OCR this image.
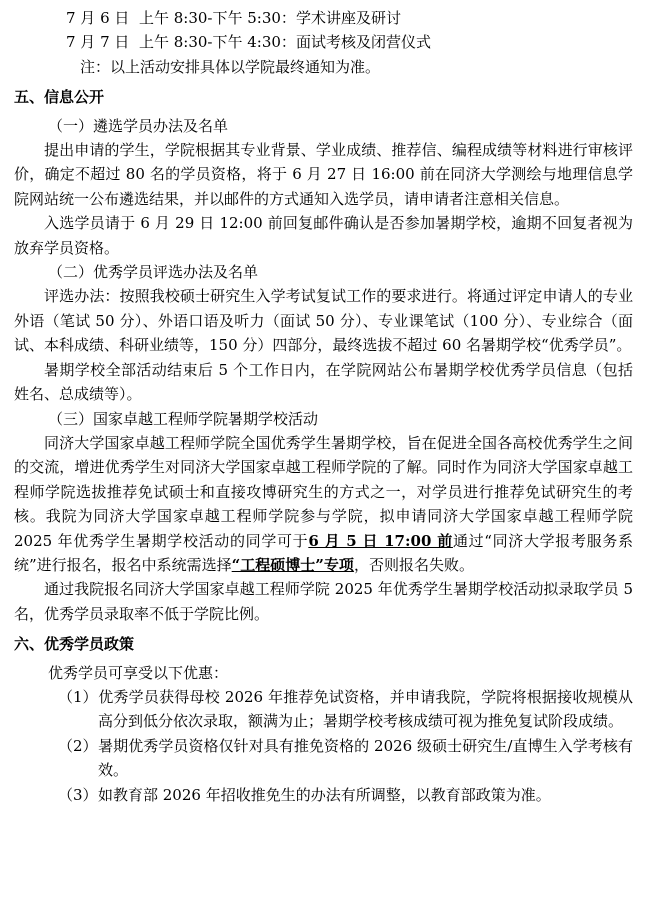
7 月 6 日 上午 8:30-下午 5:30：学术讲座及研讨
7 月 7 日 上午 8:30-下午 4:30：面试考核及闭营仪式
注：以上活动安排具体以学院最终通知为准。
五、信息公开
（一）遴选学员办法及名单
提出申请的学生，学院根据其专业背景、学业成绩、推荐信、编程成绩等材料进行审核评价，确定不超过 80 名的学员资格，将于 6 月 27 日 16:00 前在同济大学测绘与地理信息学院网站统一公布遴选结果，并以邮件的方式通知入选学员，请申请者注意相关信息。
入选学员请于 6 月 29 日 12:00 前回复邮件确认是否参加暑期学校，逾期不回复者视为放弃学员资格。
（二）优秀学员评选办法及名单
评选办法：按照我校硕士研究生入学考试复试工作的要求进行。将通过评定申请人的专业外语（笔试 50 分）、外语口语及听力（面试 50 分）、专业课笔试（100 分）、专业综合（面试、本科成绩、科研业绩等，150 分）四部分，最终选拔不超过 60 名暑期学校“优秀学员”。
暑期学校全部活动结束后 5 个工作日内，在学院网站公布暑期学校优秀学员信息（包括姓名、总成绩等）。
（三）国家卓越工程师学院暑期学校活动
同济大学国家卓越工程师学院全国优秀学生暑期学校，旨在促进全国各高校优秀学生之间的交流，增进优秀学生对同济大学国家卓越工程师学院的了解。同时作为同济大学国家卓越工程师学院选拔推荐免试硕士和直接攻博研究生的方式之一，对学员进行推荐免试研究生的考核。我院为同济大学国家卓越工程师学院参与学院，拟申请同济大学国家卓越工程师学院 2025 年优秀学生暑期学校活动的同学可于6 月 5 日 17:00 前通过“同济大学报考服务系统”进行报名，报名中系统需选择“工程硕博士”专项，否则报名失败。
通过我院报名同济大学国家卓越工程师学院 2025 年优秀学生暑期学校活动拟录取学员 5 名，优秀学员录取率不低于学院比例。
六、优秀学员政策
优秀学员可享受以下优惠：
（1）优秀学员获得母校 2026 年推荐免试资格，并申请我院，学院将根据接收规模从高分到低分依次录取，额满为止；暑期学校考核成绩可视为推免复试阶段成绩。
（2）暑期优秀学员资格仅针对具有推免资格的 2026 级硕士研究生/直博生入学考核有效。
（3）如教育部 2026 年招收推免生的办法有所调整，以教育部政策为准。
